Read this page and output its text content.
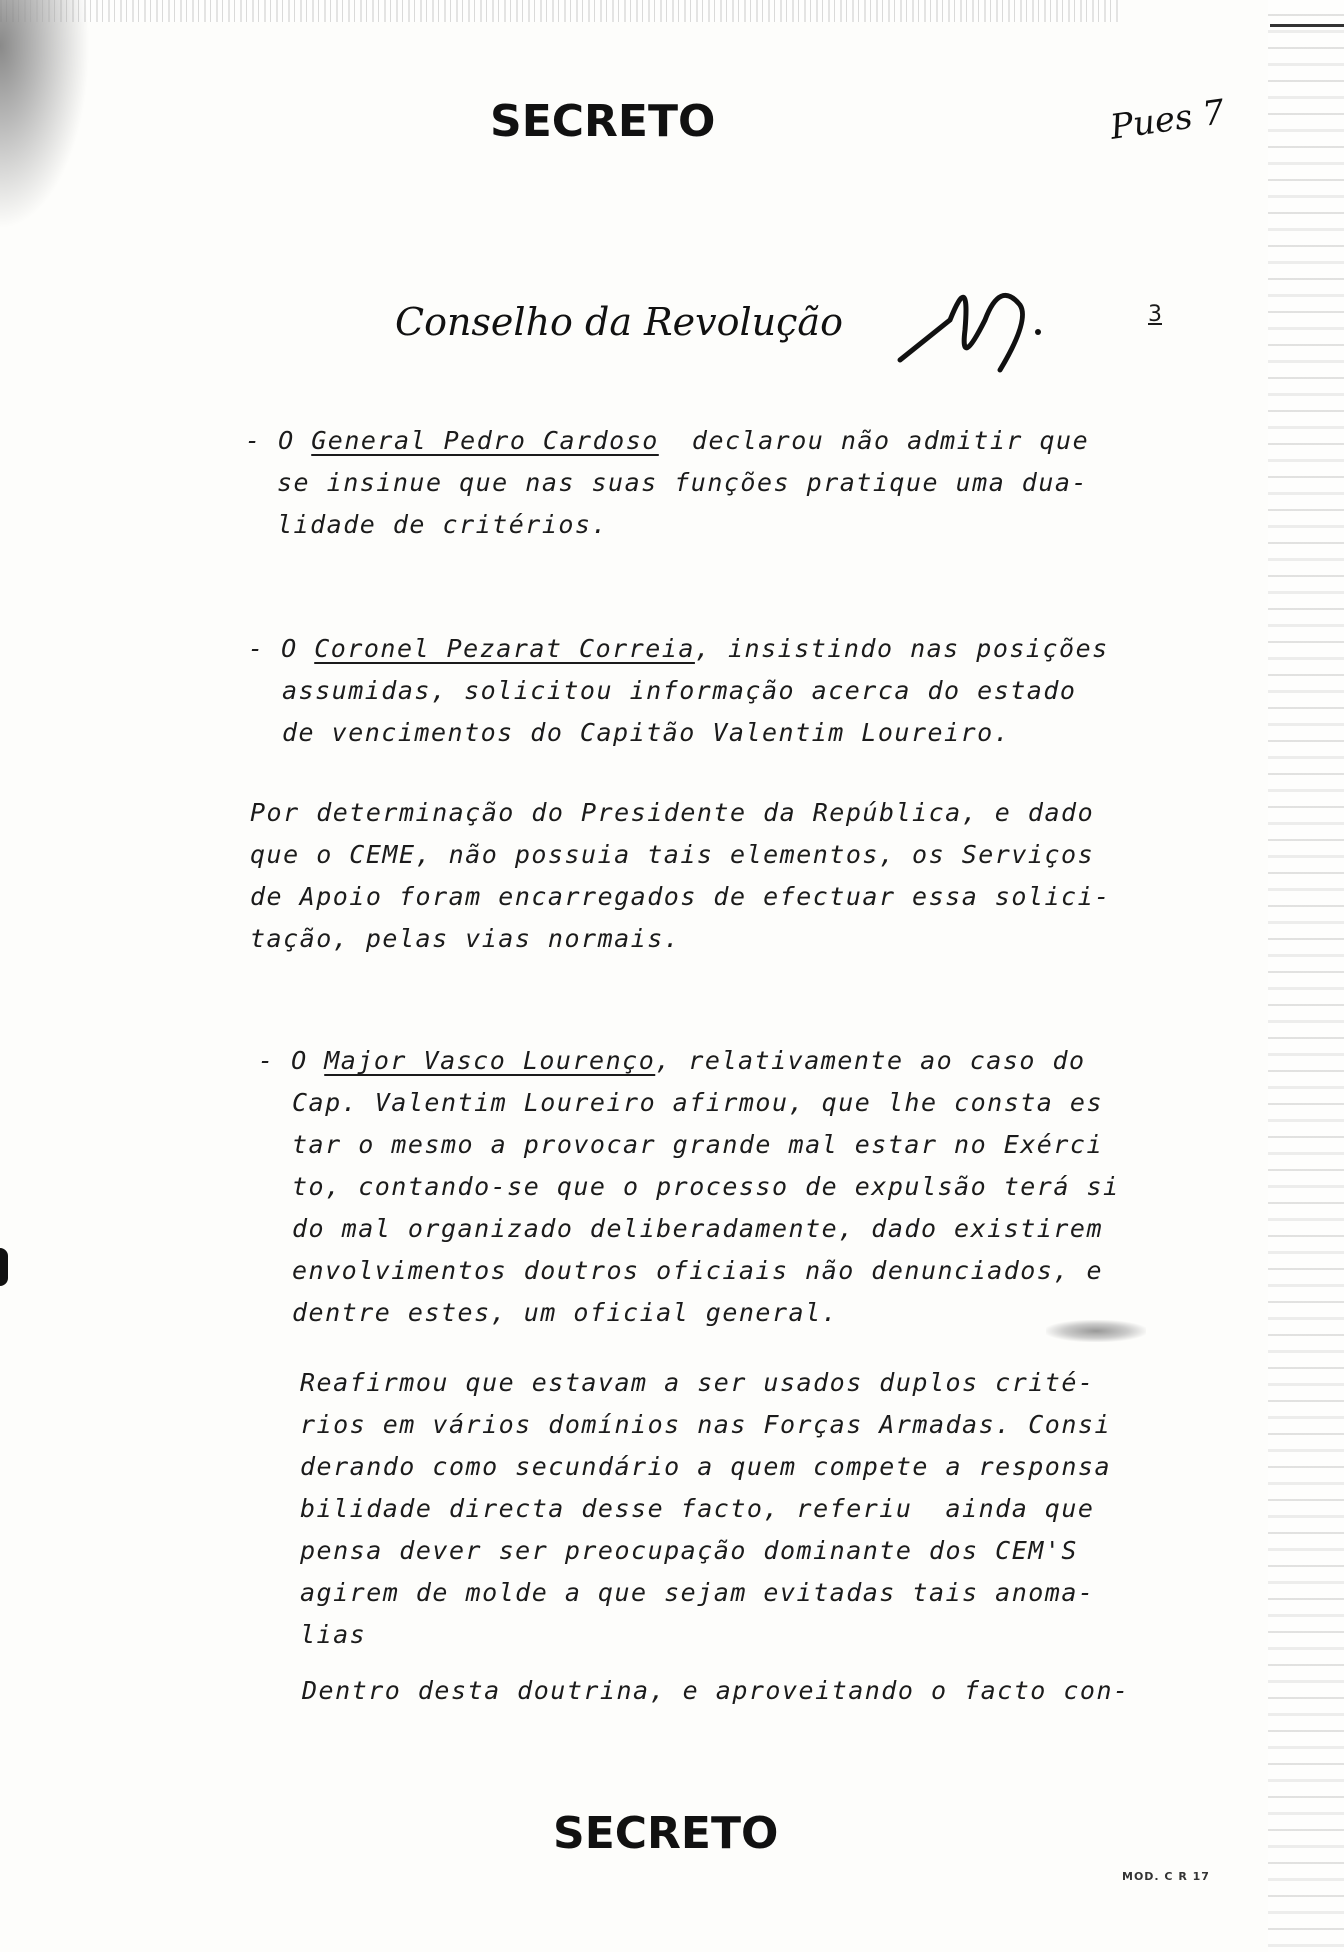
SECRETO	Pues 7
Conselho da Revolução	3
- O General Pedro Cardoso  declarou não admitir que
se insinue que nas suas funções pratique uma dua-
lidade de critérios.
- O Coronel Pezarat Correia, insistindo nas posições
assumidas, solicitou informação acerca do estado
de vencimentos do Capitão Valentim Loureiro.
Por determinação do Presidente da República, e dado
que o CEME, não possuia tais elementos, os Serviços
de Apoio foram encarregados de efectuar essa solici-
tação, pelas vias normais.
- O Major Vasco Lourenço, relativamente ao caso do
Cap. Valentim Loureiro afirmou, que lhe consta es
tar o mesmo a provocar grande mal estar no Exérci
to, contando-se que o processo de expulsão terá si
do mal organizado deliberadamente, dado existirem
envolvimentos doutros oficiais não denunciados, e
dentre estes, um oficial general.
Reafirmou que estavam a ser usados duplos crité-
rios em vários domínios nas Forças Armadas. Consi
derando como secundário a quem compete a responsa
bilidade directa desse facto, referiu  ainda que
pensa dever ser preocupação dominante dos CEM'S
agirem de molde a que sejam evitadas tais anoma-
lias
Dentro desta doutrina, e aproveitando o facto con-
SECRETO
MOD. C R 17
